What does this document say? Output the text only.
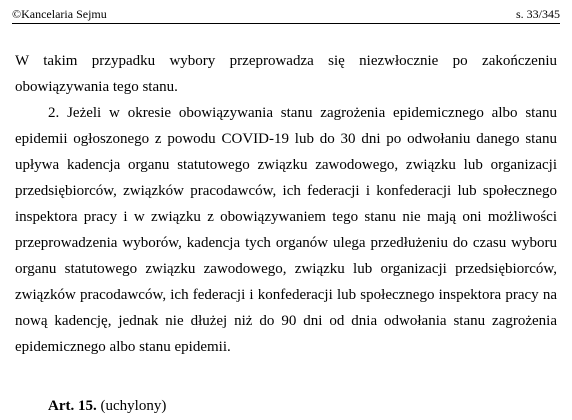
©Kancelaria Sejmu	s. 33/345

W takim przypadku wybory przeprowadza się niezwłocznie po zakończeniu obowiązywania tego stanu.

2. Jeżeli w okresie obowiązywania stanu zagrożenia epidemicznego albo stanu epidemii ogłoszonego z powodu COVID-19 lub do 30 dni po odwołaniu danego stanu upływa kadencja organu statutowego związku zawodowego, związku lub organizacji przedsiębiorców, związków pracodawców, ich federacji i konfederacji lub społecznego inspektora pracy i w związku z obowiązywaniem tego stanu nie mają oni możliwości przeprowadzenia wyborów, kadencja tych organów ulega przedłużeniu do czasu wyboru organu statutowego związku zawodowego, związku lub organizacji przedsiębiorców, związków pracodawców, ich federacji i konfederacji lub społecznego inspektora pracy na nową kadencję, jednak nie dłużej niż do 90 dni od dnia odwołania stanu zagrożenia epidemicznego albo stanu epidemii.

Art. 15. (uchylony)
